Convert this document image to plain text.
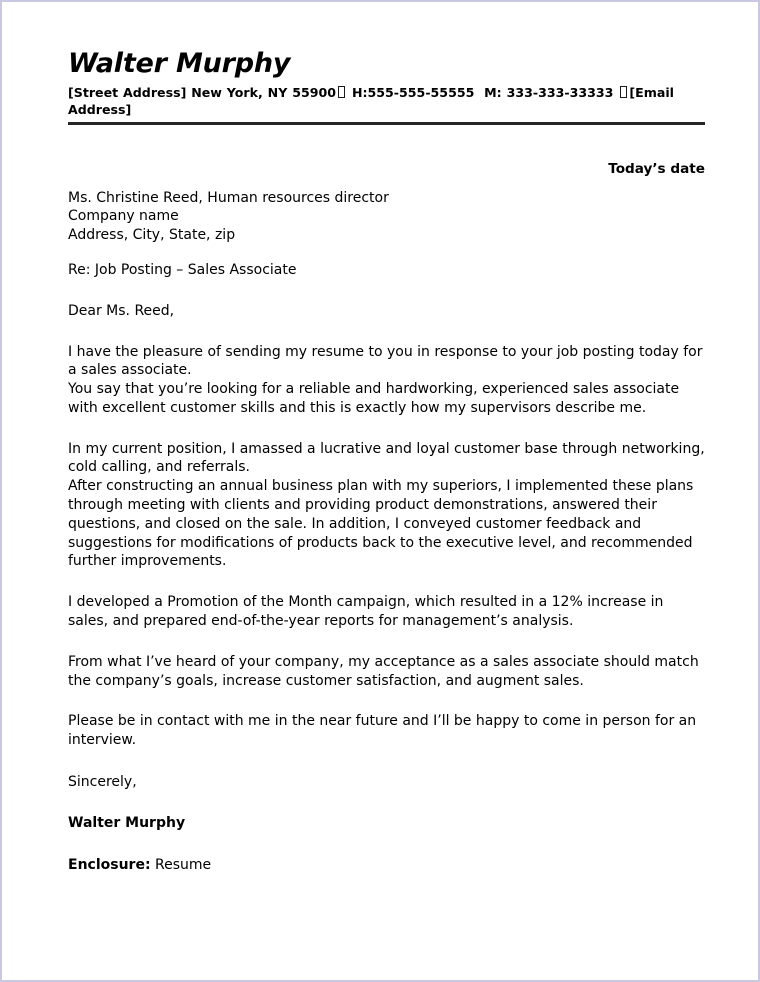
Walter Murphy

[Street Address] New York, NY 55900 H:555-555-55555 M: 333-333-33333 [Email Address]

Today’s date
Ms. Christine Reed, Human resources director
Company name
Address, City, State, zip
Re: Job Posting – Sales Associate
Dear Ms. Reed,
I have the pleasure of sending my resume to you in response to your job posting today for a sales associate.
You say that you’re looking for a reliable and hardworking, experienced sales associate with excellent customer skills and this is exactly how my supervisors describe me.
In my current position, I amassed a lucrative and loyal customer base through networking, cold calling, and referrals.
After constructing an annual business plan with my superiors, I implemented these plans through meeting with clients and providing product demonstrations, answered their questions, and closed on the sale. In addition, I conveyed customer feedback and suggestions for modifications of products back to the executive level, and recommended further improvements.
I developed a Promotion of the Month campaign, which resulted in a 12% increase in sales, and prepared end-of-the-year reports for management’s analysis.
From what I’ve heard of your company, my acceptance as a sales associate should match the company’s goals, increase customer satisfaction, and augment sales.
Please be in contact with me in the near future and I’ll be happy to come in person for an interview.
Sincerely,
Walter Murphy
Enclosure: Resume
